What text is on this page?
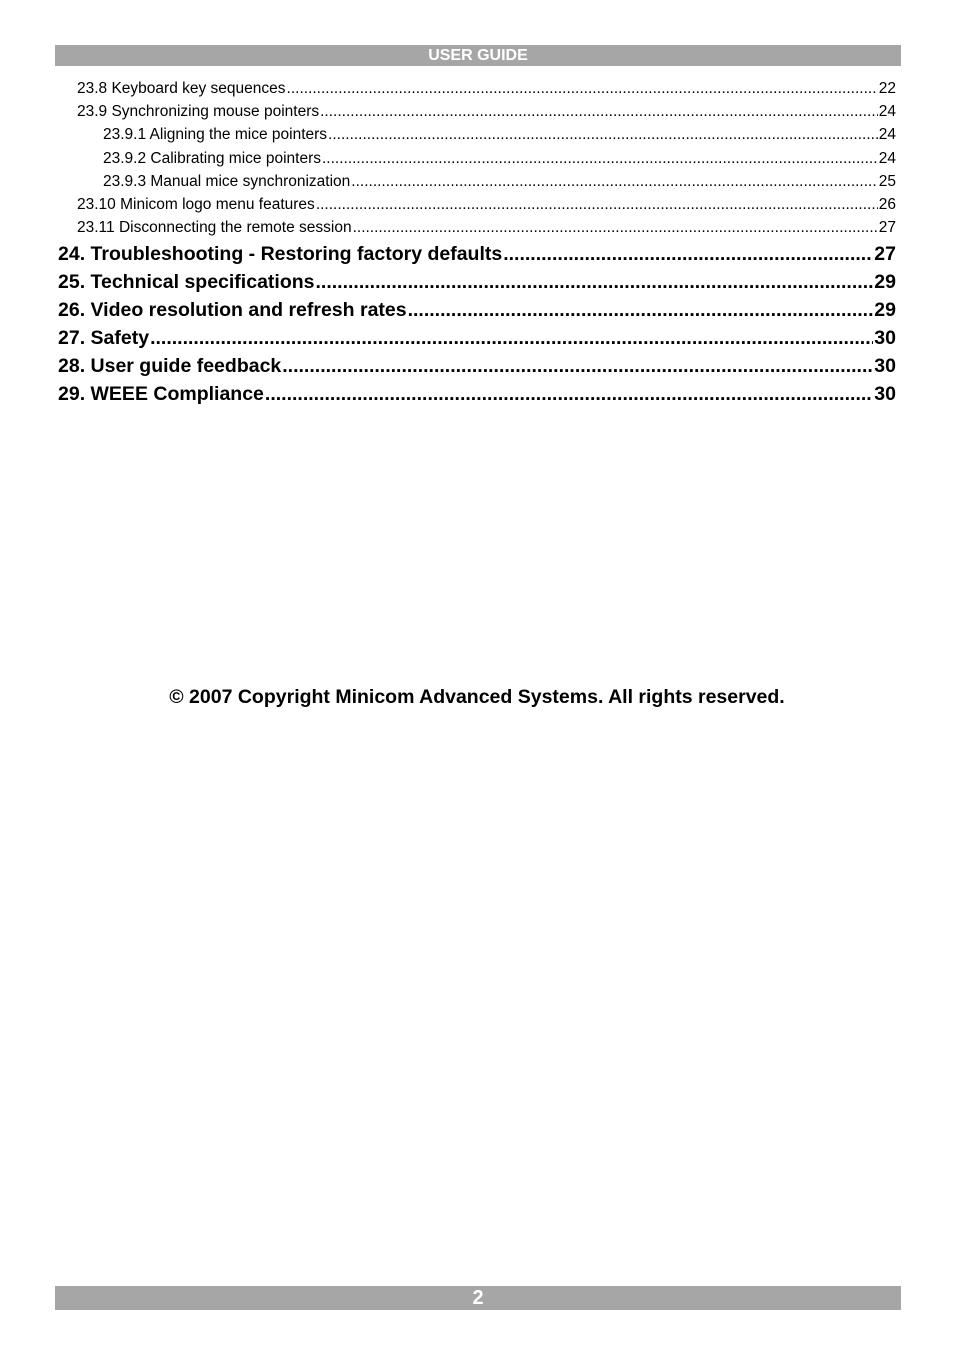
USER GUIDE
23.8 Keyboard key sequences .....	22
23.9 Synchronizing mouse pointers .....	24
23.9.1 Aligning the mice pointers .....	24
23.9.2 Calibrating mice pointers .....	24
23.9.3 Manual mice synchronization .....	25
23.10 Minicom logo menu features .....	26
23.11 Disconnecting the remote session .....	27
24. Troubleshooting - Restoring factory defaults .....	27
25. Technical specifications .....	29
26. Video resolution and refresh rates .....	29
27. Safety .....	30
28. User guide feedback .....	30
29. WEEE Compliance .....	30
© 2007 Copyright Minicom Advanced Systems. All rights reserved.
2
